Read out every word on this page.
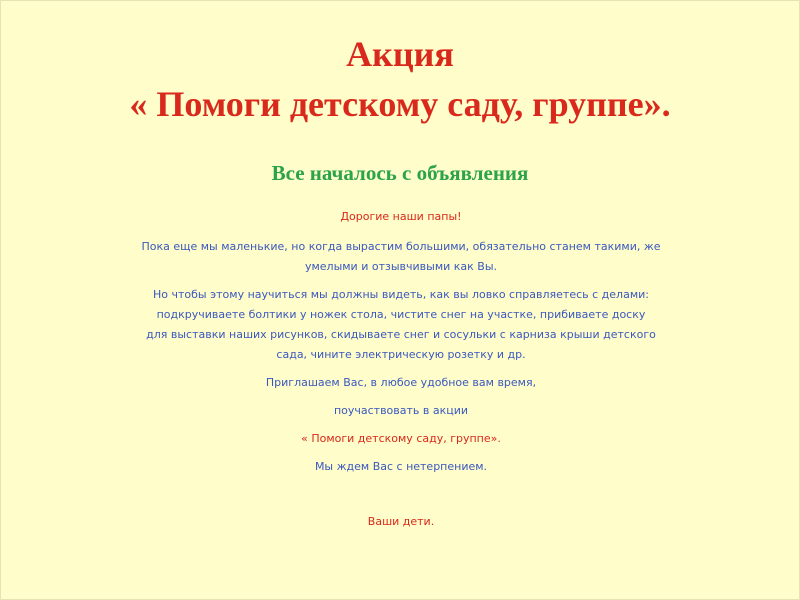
Акция
« Помоги детскому саду, группе».
Все началось с объявления

Дорогие наши папы!

Пока еще мы маленькие, но когда вырастим большими, обязательно станем такими, же

умелыми и отзывчивыми как Вы.

Но чтобы этому научиться мы должны видеть, как вы ловко справляетесь с делами:

подкручиваете болтики у ножек стола, чистите снег на участке, прибиваете доску

для выставки наших рисунков, скидываете снег и сосульки с карниза крыши детского

сада, чините электрическую розетку и др.

Приглашаем Вас, в любое удобное вам время,

поучаствовать в акции

« Помоги детскому саду, группе».

Мы ждем Вас с нетерпением.

Ваши дети.
